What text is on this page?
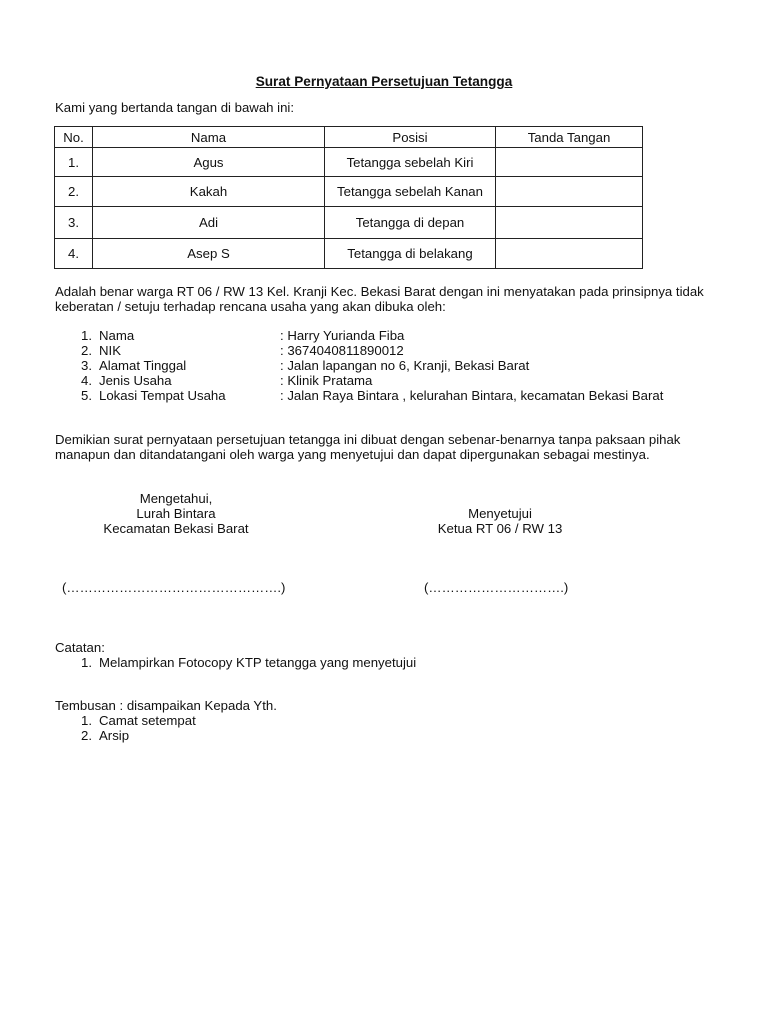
Surat Pernyataan Persetujuan Tetangga
Kami yang bertanda tangan di bawah ini:
No.	Nama	Posisi	Tanda Tangan
1.	Agus	Tetangga sebelah Kiri	
2.	Kakah	Tetangga sebelah Kanan	
3.	Adi	Tetangga di depan	
4.	Asep S	Tetangga di belakang	
Adalah benar warga RT 06 / RW 13 Kel. Kranji Kec. Bekasi Barat dengan ini menyatakan pada prinsipnya tidak keberatan / setuju terhadap rencana usaha yang akan dibuka oleh:
1. Nama	: Harry Yurianda Fiba
2. NIK	: 3674040811890012
3. Alamat Tinggal	: Jalan lapangan no 6, Kranji, Bekasi Barat
4. Jenis Usaha	: Klinik Pratama
5. Lokasi Tempat Usaha	: Jalan Raya Bintara , kelurahan Bintara, kecamatan Bekasi Barat
Demikian surat pernyataan persetujuan tetangga ini dibuat dengan sebenar-benarnya tanpa paksaan pihak manapun dan ditandatangani oleh warga yang menyetujui dan dapat dipergunakan sebagai mestinya.
Mengetahui,
Lurah Bintara
Kecamatan Bekasi Barat
Menyetujui
Ketua RT 06 / RW 13
(………………………………………….)	(………………………….)
Catatan:
1. Melampirkan Fotocopy KTP tetangga yang menyetujui
Tembusan : disampaikan Kepada Yth.
1. Camat setempat
2. Arsip
